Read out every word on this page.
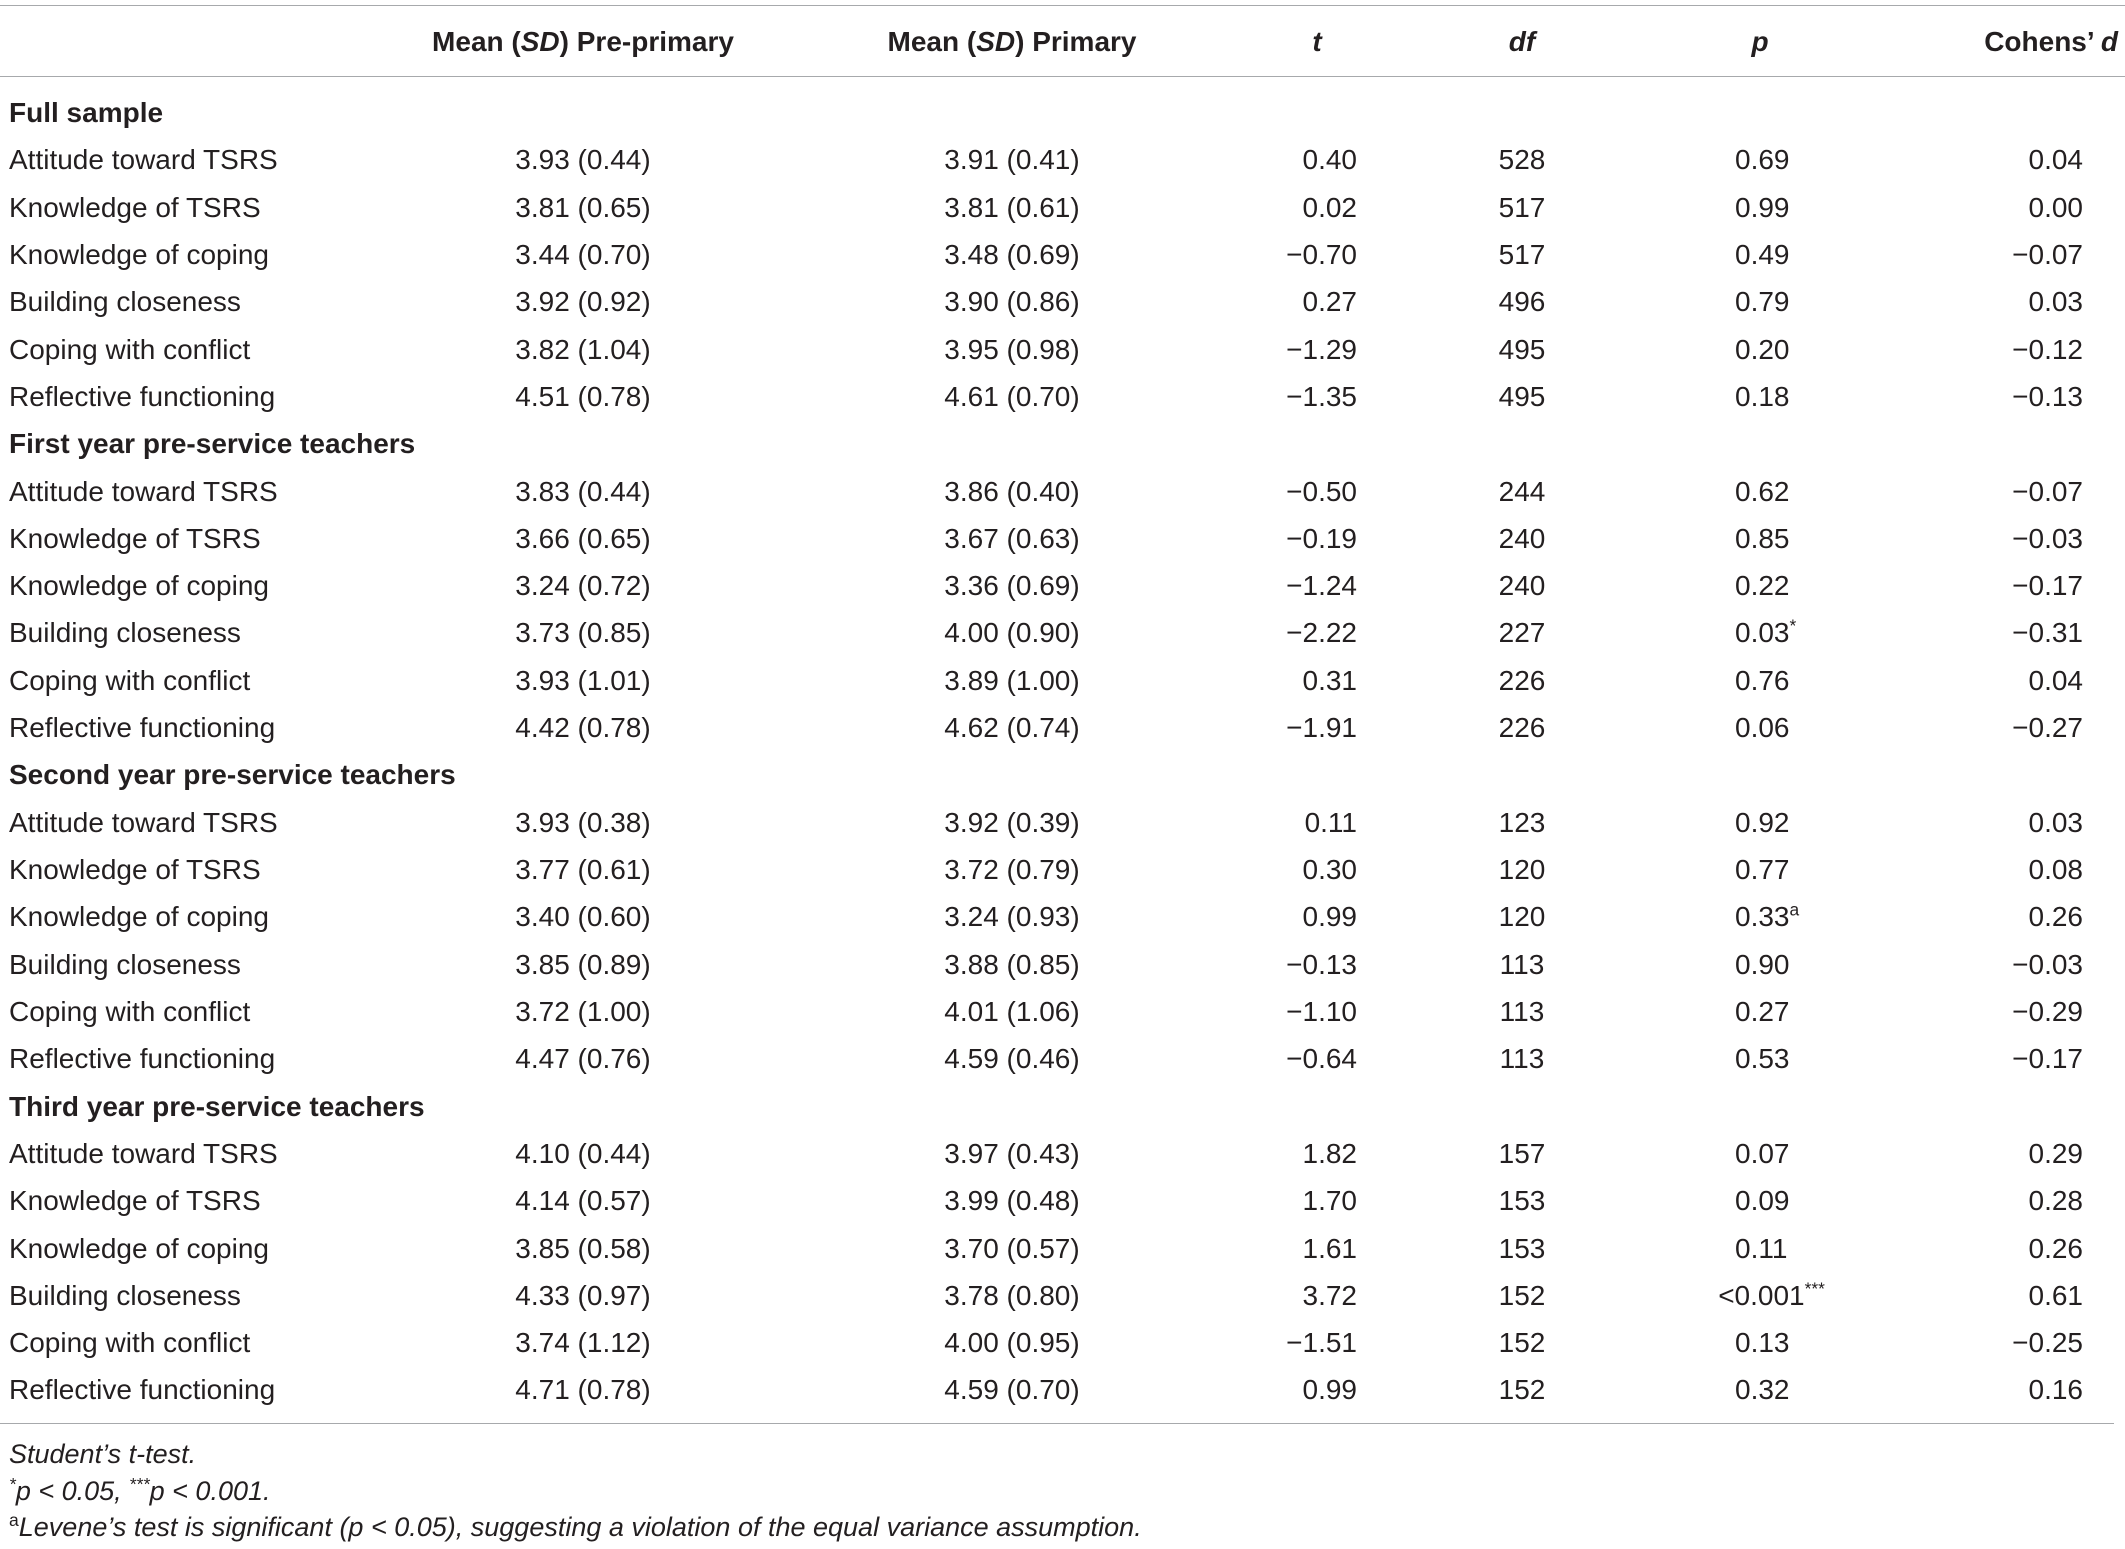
Mean (SD) Pre-primary	Mean (SD) Primary	t	df	p	Cohens’ d
Full sample
Attitude toward TSRS	3.93 (0.44)	3.91 (0.41)	0.40	528	0.69	0.04
Knowledge of TSRS	3.81 (0.65)	3.81 (0.61)	0.02	517	0.99	0.00
Knowledge of coping	3.44 (0.70)	3.48 (0.69)	−0.70	517	0.49	−0.07
Building closeness	3.92 (0.92)	3.90 (0.86)	0.27	496	0.79	0.03
Coping with conflict	3.82 (1.04)	3.95 (0.98)	−1.29	495	0.20	−0.12
Reflective functioning	4.51 (0.78)	4.61 (0.70)	−1.35	495	0.18	−0.13
First year pre-service teachers
Attitude toward TSRS	3.83 (0.44)	3.86 (0.40)	−0.50	244	0.62	−0.07
Knowledge of TSRS	3.66 (0.65)	3.67 (0.63)	−0.19	240	0.85	−0.03
Knowledge of coping	3.24 (0.72)	3.36 (0.69)	−1.24	240	0.22	−0.17
Building closeness	3.73 (0.85)	4.00 (0.90)	−2.22	227	0.03*	−0.31
Coping with conflict	3.93 (1.01)	3.89 (1.00)	0.31	226	0.76	0.04
Reflective functioning	4.42 (0.78)	4.62 (0.74)	−1.91	226	0.06	−0.27
Second year pre-service teachers
Attitude toward TSRS	3.93 (0.38)	3.92 (0.39)	0.11	123	0.92	0.03
Knowledge of TSRS	3.77 (0.61)	3.72 (0.79)	0.30	120	0.77	0.08
Knowledge of coping	3.40 (0.60)	3.24 (0.93)	0.99	120	0.33$^a$	0.26
Building closeness	3.85 (0.89)	3.88 (0.85)	−0.13	113	0.90	−0.03
Coping with conflict	3.72 (1.00)	4.01 (1.06)	−1.10	113	0.27	−0.29
Reflective functioning	4.47 (0.76)	4.59 (0.46)	−0.64	113	0.53	−0.17
Third year pre-service teachers
Attitude toward TSRS	4.10 (0.44)	3.97 (0.43)	1.82	157	0.07	0.29
Knowledge of TSRS	4.14 (0.57)	3.99 (0.48)	1.70	153	0.09	0.28
Knowledge of coping	3.85 (0.58)	3.70 (0.57)	1.61	153	0.11	0.26
Building closeness	4.33 (0.97)	3.78 (0.80)	3.72	152	<0.001***	0.61
Coping with conflict	3.74 (1.12)	4.00 (0.95)	−1.51	152	0.13	−0.25
Reflective functioning	4.71 (0.78)	4.59 (0.70)	0.99	152	0.32	0.16
Student’s t-test.
*p < 0.05, ***p < 0.001.
$^a$Levene’s test is significant (p < 0.05), suggesting a violation of the equal variance assumption.
